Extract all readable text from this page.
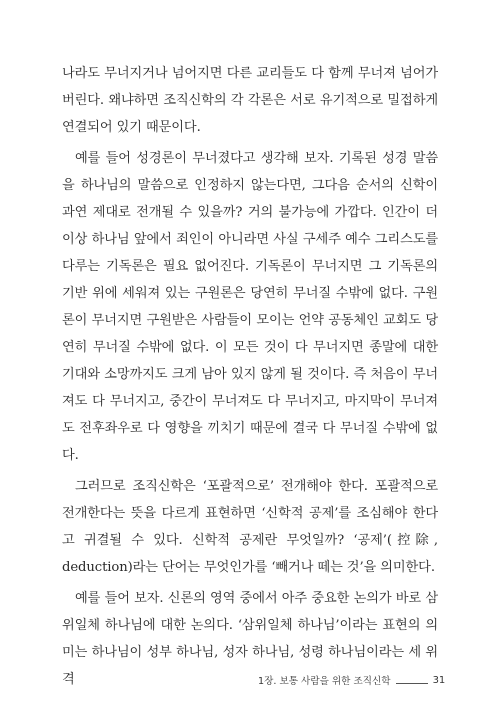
나라도 무너지거나 넘어지면 다른 교리들도 다 함께 무너져 넘어가버린다. 왜냐하면 조직신학의 각 각론은 서로 유기적으로 밀접하게 연결되어 있기 때문이다.

예를 들어 성경론이 무너졌다고 생각해 보자. 기록된 성경 말씀을 하나님의 말씀으로 인정하지 않는다면, 그다음 순서의 신학이 과연 제대로 전개될 수 있을까? 거의 불가능에 가깝다. 인간이 더 이상 하나님 앞에서 죄인이 아니라면 사실 구세주 예수 그리스도를 다루는 기독론은 필요 없어진다. 기독론이 무너지면 그 기독론의 기반 위에 세워져 있는 구원론은 당연히 무너질 수밖에 없다. 구원론이 무너지면 구원받은 사람들이 모이는 언약 공동체인 교회도 당연히 무너질 수밖에 없다. 이 모든 것이 다 무너지면 종말에 대한 기대와 소망까지도 크게 남아 있지 않게 될 것이다. 즉 처음이 무너져도 다 무너지고, 중간이 무너져도 다 무너지고, 마지막이 무너져도 전후좌우로 다 영향을 끼치기 때문에 결국 다 무너질 수밖에 없다.

그러므로 조직신학은 ‘포괄적으로’ 전개해야 한다. 포괄적으로 전개한다는 뜻을 다르게 표현하면 ‘신학적 공제’를 조심해야 한다고 귀결될 수 있다. 신학적 공제란 무엇일까? ‘공제’(控除, deduction)라는 단어는 무엇인가를 ‘빼거나 떼는 것’을 의미한다.

예를 들어 보자. 신론의 영역 중에서 아주 중요한 논의가 바로 삼위일체 하나님에 대한 논의다. ‘삼위일체 하나님’이라는 표현의 의미는 하나님이 성부 하나님, 성자 하나님, 성령 하나님이라는 세 위격	1장. 보통 사람을 위한 조직신학	31
